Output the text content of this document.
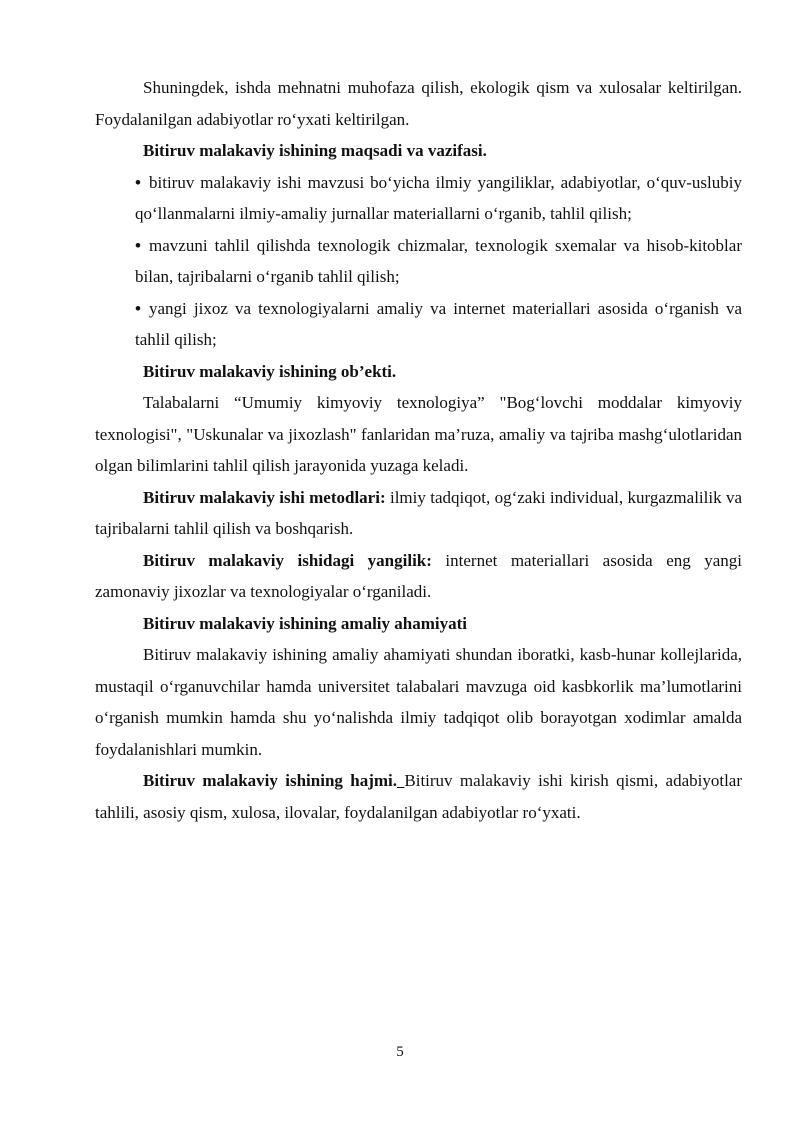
Shuningdek, ishda mehnatni muhofaza qilish, ekologik qism va xulosalar keltirilgan. Foydalanilgan adabiyotlar ro‘yxati keltirilgan.

Bitiruv malakaviy ishining maqsadi va vazifasi.

• bitiruv malakaviy ishi mavzusi bo‘yicha ilmiy yangiliklar, adabiyotlar, o‘quv-uslubiy qo‘llanmalarni ilmiy-amaliy jurnallar materiallarni o‘rganib, tahlil qilish;

• mavzuni tahlil qilishda texnologik chizmalar, texnologik sxemalar va hisob-kitoblar bilan, tajribalarni o‘rganib tahlil qilish;

• yangi jixoz va texnologiyalarni amaliy va internet materiallari asosida o‘rganish va tahlil qilish;

Bitiruv malakaviy ishining ob’ekti.

Talabalarni “Umumiy kimyoviy texnologiya” "Bog‘lovchi moddalar kimyoviy texnologisi", "Uskunalar va jixozlash" fanlaridan ma’ruza, amaliy va tajriba mashg‘ulotlaridan olgan bilimlarini tahlil qilish jarayonida yuzaga keladi.

Bitiruv malakaviy ishi metodlari: ilmiy tadqiqot, og‘zaki individual, kurgazmalilik va tajribalarni tahlil qilish va boshqarish.

Bitiruv malakaviy ishidagi yangilik: internet materiallari asosida eng yangi zamonaviy jixozlar va texnologiyalar o‘rganiladi.

Bitiruv malakaviy ishining amaliy ahamiyati

Bitiruv malakaviy ishining amaliy ahamiyati shundan iboratki, kasb-hunar kollejlarida, mustaqil o‘rganuvchilar hamda universitet talabalari mavzuga oid kasbkorlik ma’lumotlarini o‘rganish mumkin hamda shu yo‘nalishda ilmiy tadqiqot olib borayotgan xodimlar amalda foydalanishlari mumkin.

Bitiruv malakaviy ishining hajmi. Bitiruv malakaviy ishi kirish qismi, adabiyotlar tahlili, asosiy qism, xulosa, ilovalar, foydalanilgan adabiyotlar ro‘yxati.

5
